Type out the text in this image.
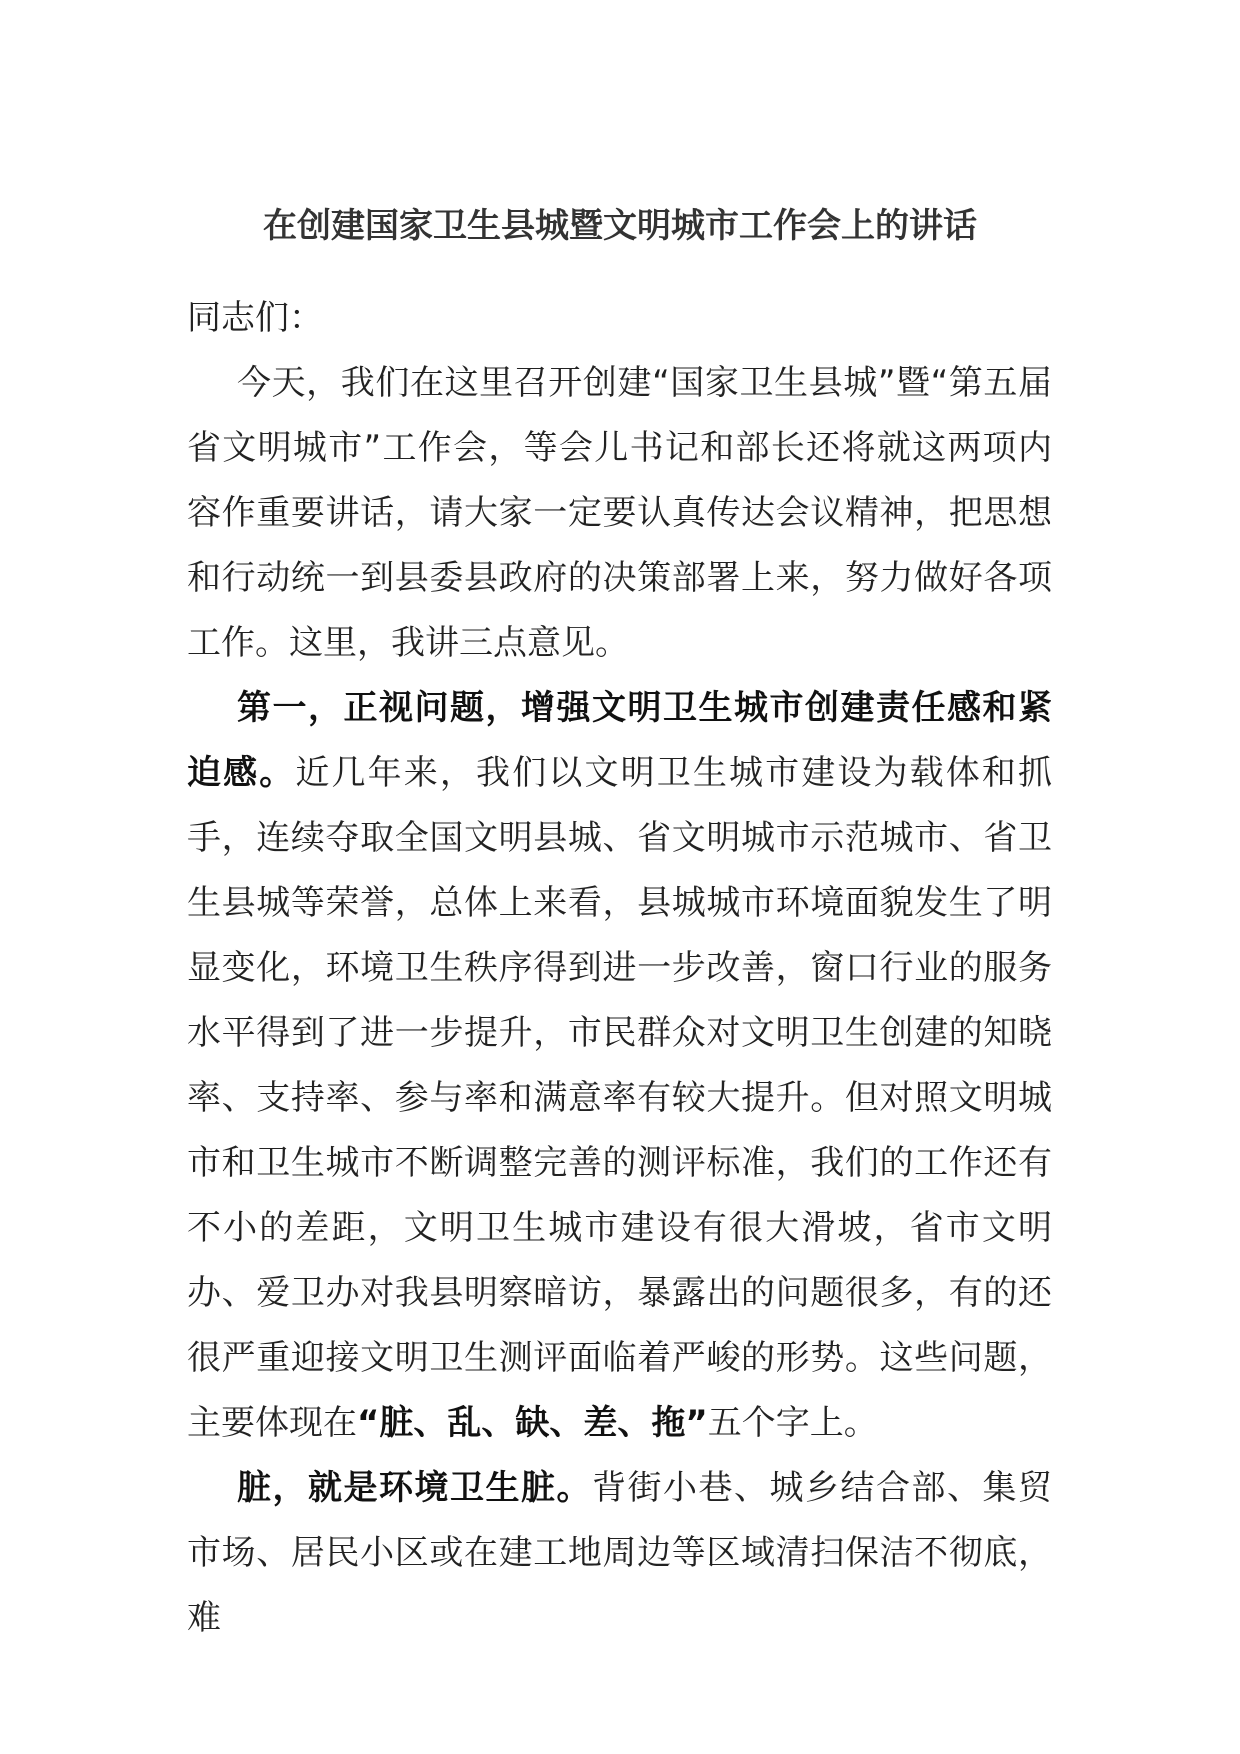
在创建国家卫生县城暨文明城市工作会上的讲话

同志们：

今天，我们在这里召开创建“国家卫生县城”暨“第五届省文明城市”工作会，等会儿书记和部长还将就这两项内容作重要讲话，请大家一定要认真传达会议精神，把思想和行动统一到县委县政府的决策部署上来，努力做好各项工作。这里，我讲三点意见。

第一，正视问题，增强文明卫生城市创建责任感和紧迫感。近几年来，我们以文明卫生城市建设为载体和抓手，连续夺取全国文明县城、省文明城市示范城市、省卫生县城等荣誉，总体上来看，县城城市环境面貌发生了明显变化，环境卫生秩序得到进一步改善，窗口行业的服务水平得到了进一步提升，市民群众对文明卫生创建的知晓率、支持率、参与率和满意率有较大提升。但对照文明城市和卫生城市不断调整完善的测评标准，我们的工作还有不小的差距，文明卫生城市建设有很大滑坡，省市文明办、爱卫办对我县明察暗访，暴露出的问题很多，有的还很严重迎接文明卫生测评面临着严峻的形势。这些问题，主要体现在“脏、乱、缺、差、拖”五个字上。

脏，就是环境卫生脏。背街小巷、城乡结合部、集贸市场、居民小区或在建工地周边等区域清扫保洁不彻底，难
